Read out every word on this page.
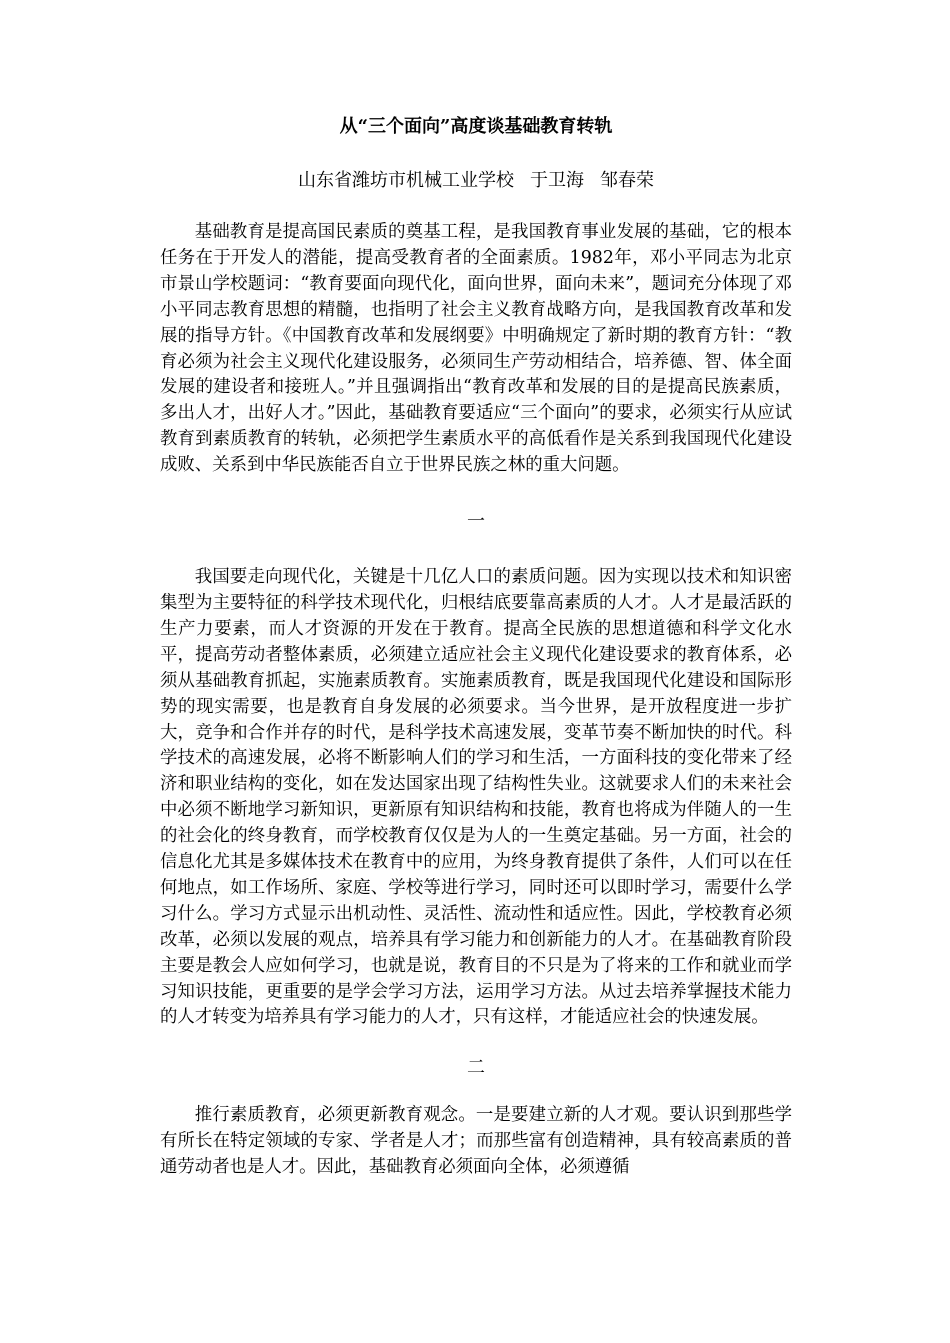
从“三个面向”高度谈基础教育转轨

山东省潍坊市机械工业学校 于卫海 邹春荣

基础教育是提高国民素质的奠基工程，是我国教育事业发展的基础，它的根本任务在于开发人的潜能，提高受教育者的全面素质。1982年，邓小平同志为北京市景山学校题词：“教育要面向现代化，面向世界，面向未来”，题词充分体现了邓小平同志教育思想的精髓，也指明了社会主义教育战略方向，是我国教育改革和发展的指导方针。《中国教育改革和发展纲要》中明确规定了新时期的教育方针：“教育必须为社会主义现代化建设服务，必须同生产劳动相结合，培养德、智、体全面发展的建设者和接班人。”并且强调指出“教育改革和发展的目的是提高民族素质，多出人才，出好人才。”因此，基础教育要适应“三个面向”的要求，必须实行从应试教育到素质教育的转轨，必须把学生素质水平的高低看作是关系到我国现代化建设成败、关系到中华民族能否自立于世界民族之林的重大问题。

一

我国要走向现代化，关键是十几亿人口的素质问题。因为实现以技术和知识密集型为主要特征的科学技术现代化，归根结底要靠高素质的人才。人才是最活跃的生产力要素，而人才资源的开发在于教育。提高全民族的思想道德和科学文化水平，提高劳动者整体素质，必须建立适应社会主义现代化建设要求的教育体系，必须从基础教育抓起，实施素质教育。实施素质教育，既是我国现代化建设和国际形势的现实需要，也是教育自身发展的必须要求。当今世界，是开放程度进一步扩大，竞争和合作并存的时代，是科学技术高速发展，变革节奏不断加快的时代。科学技术的高速发展，必将不断影响人们的学习和生活，一方面科技的变化带来了经济和职业结构的变化，如在发达国家出现了结构性失业。这就要求人们的未来社会中必须不断地学习新知识，更新原有知识结构和技能，教育也将成为伴随人的一生的社会化的终身教育，而学校教育仅仅是为人的一生奠定基础。另一方面，社会的信息化尤其是多媒体技术在教育中的应用，为终身教育提供了条件，人们可以在任何地点，如工作场所、家庭、学校等进行学习，同时还可以即时学习，需要什么学习什么。学习方式显示出机动性、灵活性、流动性和适应性。因此，学校教育必须改革，必须以发展的观点，培养具有学习能力和创新能力的人才。在基础教育阶段主要是教会人应如何学习，也就是说，教育目的不只是为了将来的工作和就业而学习知识技能，更重要的是学会学习方法，运用学习方法。从过去培养掌握技术能力的人才转变为培养具有学习能力的人才，只有这样，才能适应社会的快速发展。

二

推行素质教育，必须更新教育观念。一是要建立新的人才观。要认识到那些学有所长在特定领域的专家、学者是人才；而那些富有创造精神，具有较高素质的普通劳动者也是人才。因此，基础教育必须面向全体，必须遵循
